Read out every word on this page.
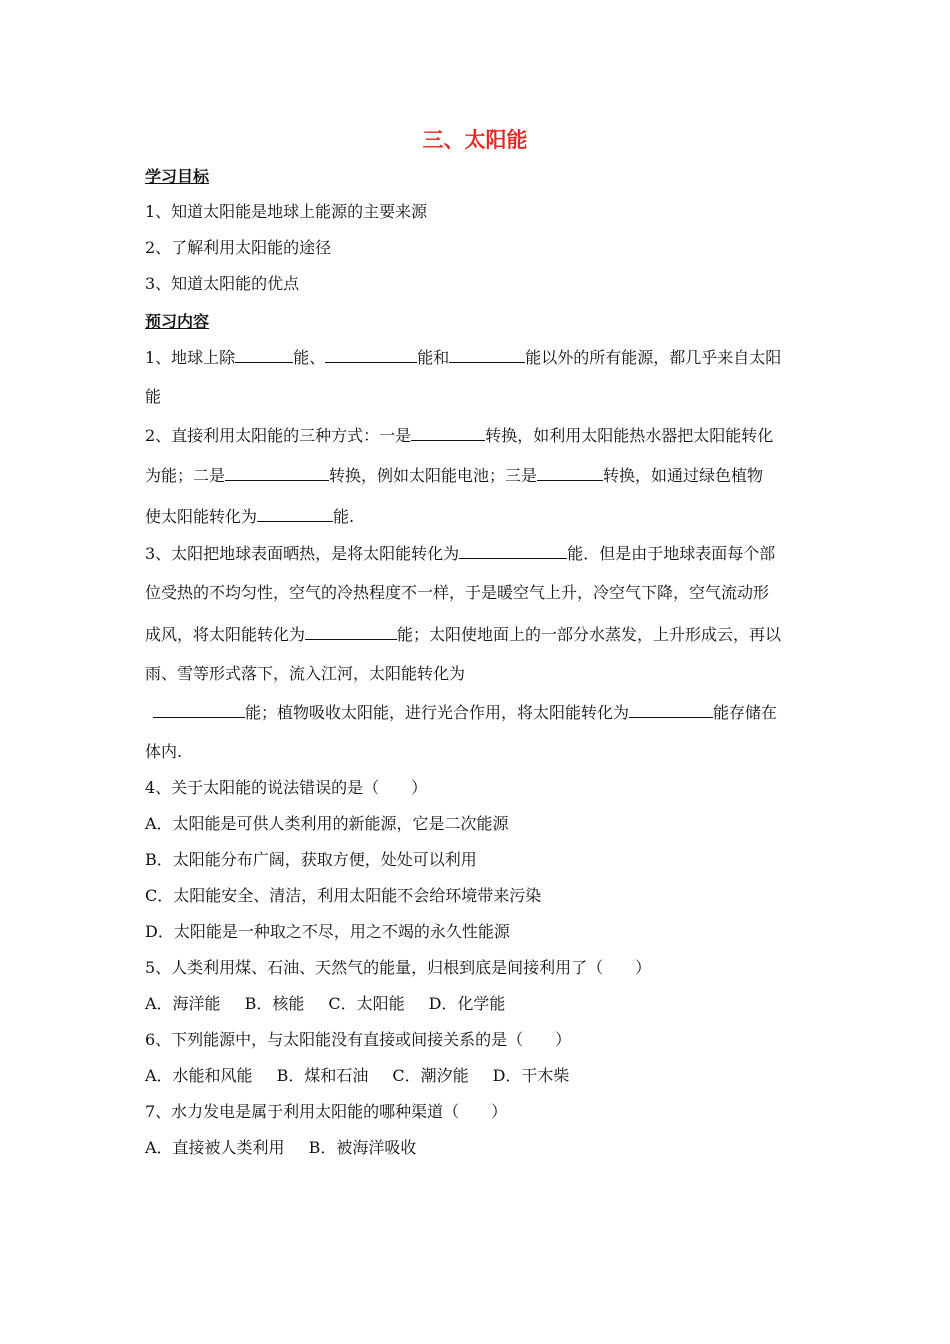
三、太阳能
学习目标
1、知道太阳能是地球上能源的主要来源
2、了解利用太阳能的途径
3、知道太阳能的优点
预习内容
1、地球上除	能、	能和	能以外的所有能源，都几乎来自太阳
能
2、直接利用太阳能的三种方式：一是	转换，如利用太阳能热水器把太阳能转化
为能；二是	转换，例如太阳能电池；三是	转换，如通过绿色植物
使太阳能转化为	能.
3、太阳把地球表面晒热，是将太阳能转化为	能．但是由于地球表面每个部
位受热的不均匀性，空气的冷热程度不一样，于是暖空气上升，冷空气下降，空气流动形
成风，将太阳能转化为	能；太阳使地面上的一部分水蒸发，上升形成云，再以
雨、雪等形式落下，流入江河，太阳能转化为
能；植物吸收太阳能，进行光合作用，将太阳能转化为	能存储在
体内.
4、关于太阳能的说法错误的是（　　）
A．太阳能是可供人类利用的新能源，它是二次能源
B．太阳能分布广阔，获取方便，处处可以利用
C．太阳能安全、清洁，利用太阳能不会给环境带来污染
D．太阳能是一种取之不尽，用之不竭的永久性能源
5、人类利用煤、石油、天然气的能量，归根到底是间接利用了（　　）
A．海洋能 B．核能 C．太阳能 D．化学能
6、下列能源中，与太阳能没有直接或间接关系的是（　　）
A．水能和风能 B．煤和石油 C．潮汐能 D．干木柴
7、水力发电是属于利用太阳能的哪种渠道（　　）
A．直接被人类利用 B．被海洋吸收
